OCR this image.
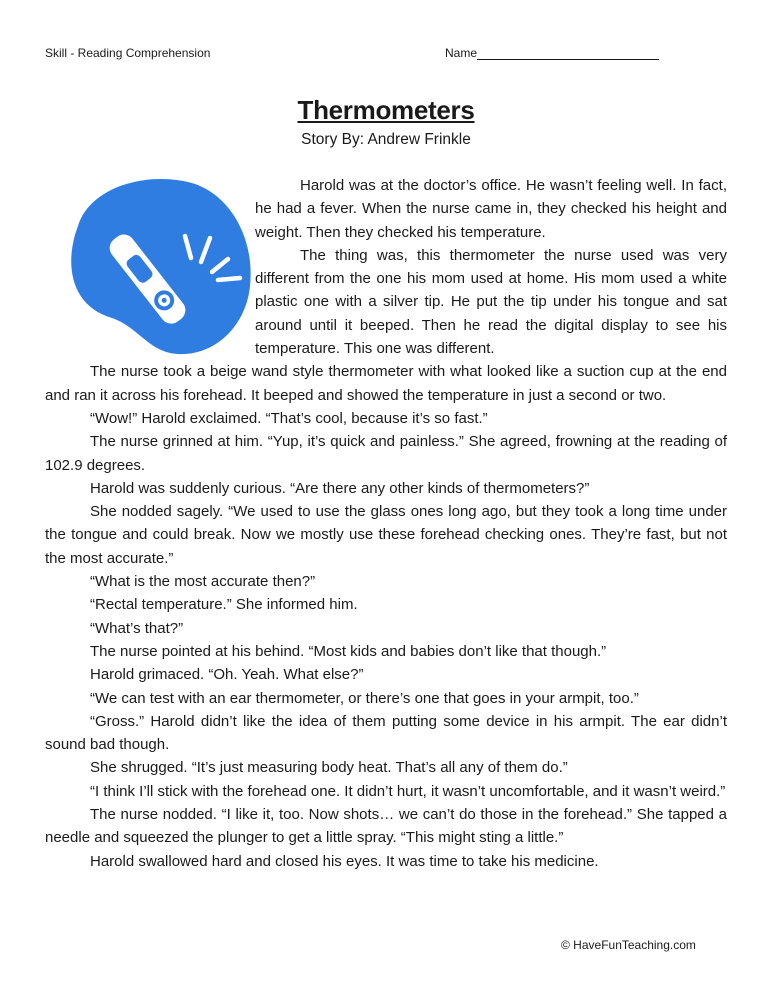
Skill - Reading Comprehension	Name
Thermometers
Story By: Andrew Frinkle

Harold was at the doctor’s office. He wasn’t feeling well. In fact, he had a fever. When the nurse came in, they checked his height and weight. Then they checked his temperature.

The thing was, this thermometer the nurse used was very different from the one his mom used at home. His mom used a white plastic one with a silver tip. He put the tip under his tongue and sat around until it beeped. Then he read the digital display to see his temperature. This one was different.

The nurse took a beige wand style thermometer with what looked like a suction cup at the end and ran it across his forehead. It beeped and showed the temperature in just a second or two.

“Wow!” Harold exclaimed. “That’s cool, because it’s so fast.”

The nurse grinned at him. “Yup, it’s quick and painless.” She agreed, frowning at the reading of 102.9 degrees.

Harold was suddenly curious. “Are there any other kinds of thermometers?”

She nodded sagely. “We used to use the glass ones long ago, but they took a long time under the tongue and could break. Now we mostly use these forehead checking ones. They’re fast, but not the most accurate.”

“What is the most accurate then?”

“Rectal temperature.” She informed him.

“What’s that?”

The nurse pointed at his behind. “Most kids and babies don’t like that though.”

Harold grimaced. “Oh. Yeah. What else?”

“We can test with an ear thermometer, or there’s one that goes in your armpit, too.”

“Gross.” Harold didn’t like the idea of them putting some device in his armpit. The ear didn’t sound bad though.

She shrugged. “It’s just measuring body heat. That’s all any of them do.”

“I think I’ll stick with the forehead one. It didn’t hurt, it wasn’t uncomfortable, and it wasn’t weird.”

The nurse nodded. “I like it, too. Now shots… we can’t do those in the forehead.” She tapped a needle and squeezed the plunger to get a little spray. “This might sting a little.”

Harold swallowed hard and closed his eyes. It was time to take his medicine.

© HaveFunTeaching.com
